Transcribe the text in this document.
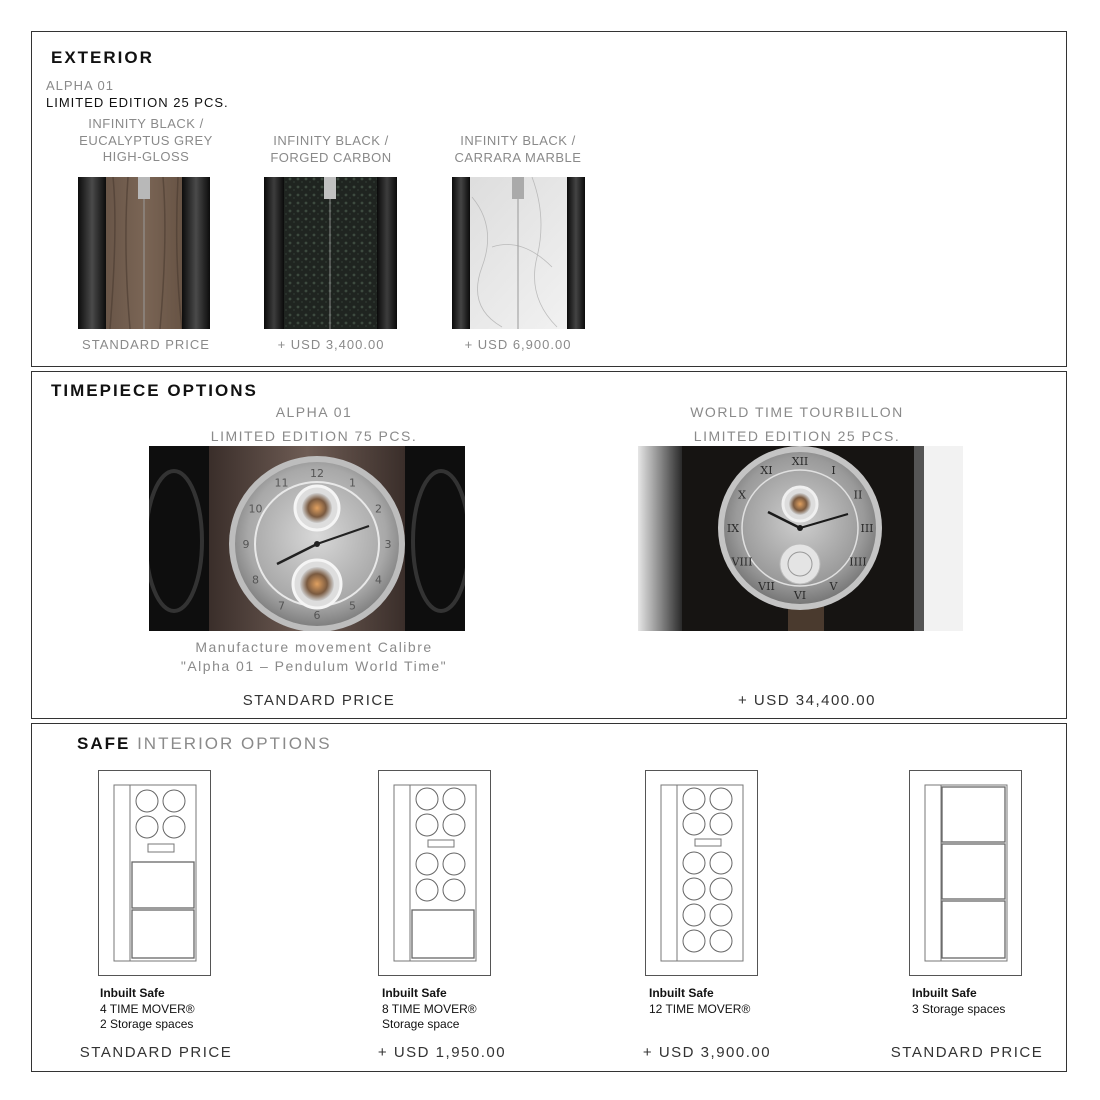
EXTERIOR
ALPHA 01
LIMITED EDITION 25 PCS.
INFINITY BLACK /
EUCALYPTUS GREY
HIGH-GLOSS
STANDARD PRICE
INFINITY BLACK /
FORGED CARBON
+ USD 3,400.00
INFINITY BLACK /
CARRARA MARBLE
+ USD 6,900.00
TIMEPIECE OPTIONS
ALPHA 01
LIMITED EDITION 75 PCS.
12
1
2
3
4
5
6
7
8
9
10
11
Manufacture movement Calibre
"Alpha 01 – Pendulum World Time"
STANDARD PRICE
WORLD TIME TOURBILLON
LIMITED EDITION 25 PCS.
XII
I
II
III
IIII
V
VI
VII
VIII
IX
X
XI
+ USD 34,400.00
SAFE INTERIOR OPTIONS
Inbuilt Safe
4 TIME MOVER®
2 Storage spaces
STANDARD PRICE
Inbuilt Safe
8 TIME MOVER®
Storage space
+ USD 1,950.00
Inbuilt Safe
12 TIME MOVER®
+ USD 3,900.00
Inbuilt Safe
3 Storage spaces
STANDARD PRICE
